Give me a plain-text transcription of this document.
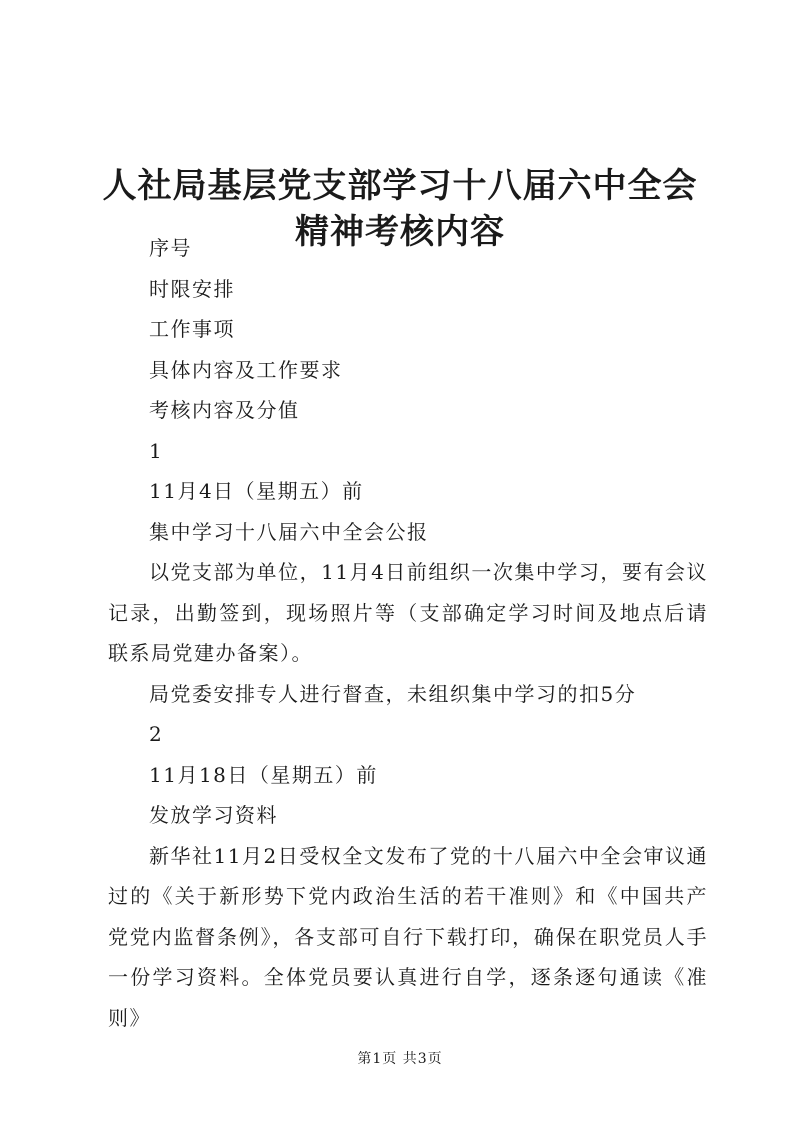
人社局基层党支部学习十八届六中全会精神考核内容

序号

时限安排

工作事项

具体内容及工作要求

考核内容及分值

1

11月4日（星期五）前

集中学习十八届六中全会公报

以党支部为单位，11月4日前组织一次集中学习，要有会议记录，出勤签到，现场照片等（支部确定学习时间及地点后请联系局党建办备案）。

局党委安排专人进行督查，未组织集中学习的扣5分

2

11月18日（星期五）前

发放学习资料

新华社11月2日受权全文发布了党的十八届六中全会审议通过的《关于新形势下党内政治生活的若干准则》和《中国共产党党内监督条例》，各支部可自行下载打印，确保在职党员人手一份学习资料。全体党员要认真进行自学，逐条逐句通读《准则》

第1页 共3页
